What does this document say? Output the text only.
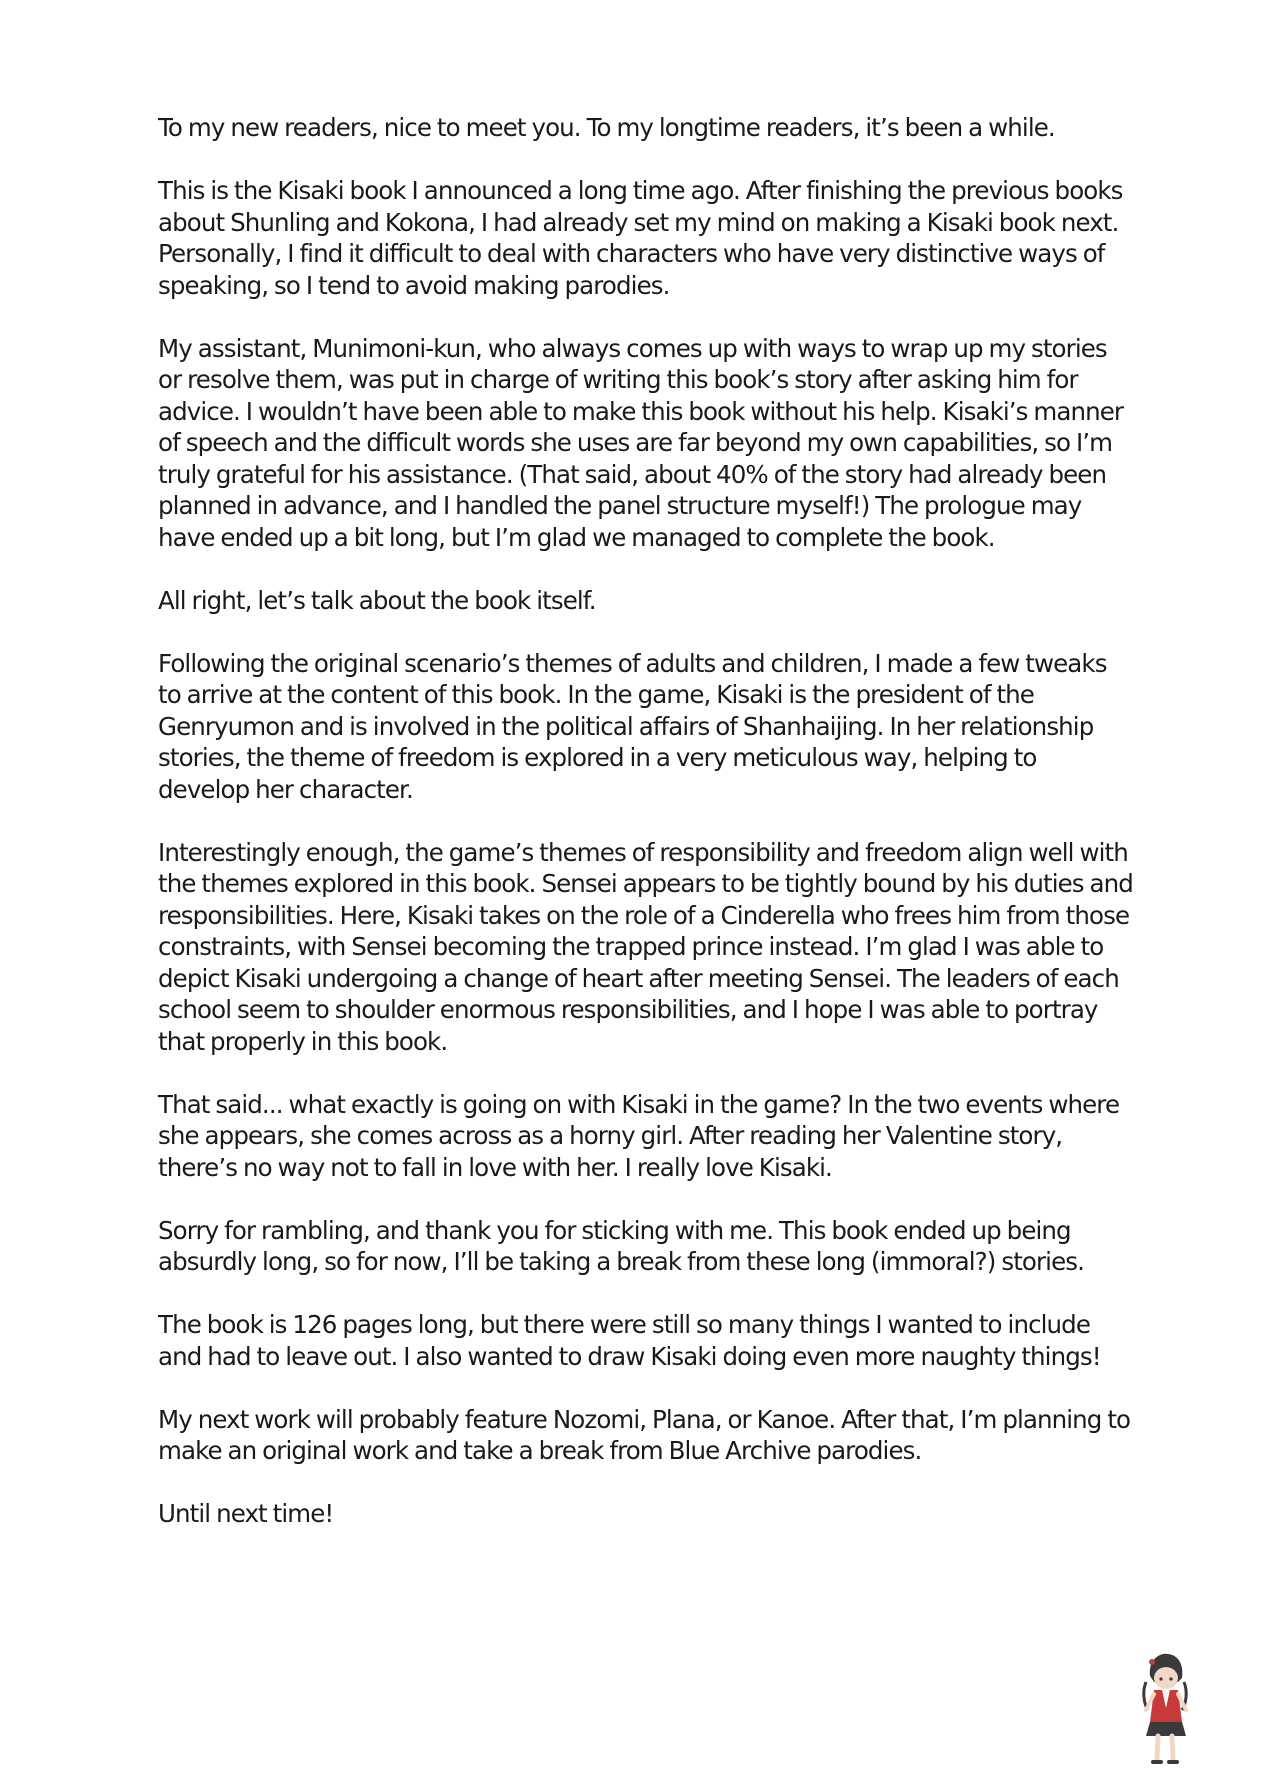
To my new readers, nice to meet you. To my longtime readers, it’s been a while.

This is the Kisaki book I announced a long time ago. After finishing the previous books about Shunling and Kokona, I had already set my mind on making a Kisaki book next. Personally, I find it difficult to deal with characters who have very distinctive ways of speaking, so I tend to avoid making parodies.

My assistant, Munimoni-kun, who always comes up with ways to wrap up my stories or resolve them, was put in charge of writing this book’s story after asking him for advice. I wouldn’t have been able to make this book without his help. Kisaki’s manner of speech and the difficult words she uses are far beyond my own capabilities, so I’m truly grateful for his assistance. (That said, about 40% of the story had already been planned in advance, and I handled the panel structure myself!) The prologue may have ended up a bit long, but I’m glad we managed to complete the book.

All right, let’s talk about the book itself.

Following the original scenario’s themes of adults and children, I made a few tweaks to arrive at the content of this book. In the game, Kisaki is the president of the Genryumon and is involved in the political affairs of Shanhaijing. In her relationship stories, the theme of freedom is explored in a very meticulous way, helping to develop her character.

Interestingly enough, the game’s themes of responsibility and freedom align well with the themes explored in this book. Sensei appears to be tightly bound by his duties and responsibilities. Here, Kisaki takes on the role of a Cinderella who frees him from those constraints, with Sensei becoming the trapped prince instead. I’m glad I was able to depict Kisaki undergoing a change of heart after meeting Sensei. The leaders of each school seem to shoulder enormous responsibilities, and I hope I was able to portray that properly in this book.

That said... what exactly is going on with Kisaki in the game? In the two events where she appears, she comes across as a horny girl. After reading her Valentine story, there’s no way not to fall in love with her. I really love Kisaki.

Sorry for rambling, and thank you for sticking with me. This book ended up being absurdly long, so for now, I’ll be taking a break from these long (immoral?) stories.

The book is 126 pages long, but there were still so many things I wanted to include and had to leave out. I also wanted to draw Kisaki doing even more naughty things!

My next work will probably feature Nozomi, Plana, or Kanoe. After that, I’m planning to make an original work and take a break from Blue Archive parodies.

Until next time!
